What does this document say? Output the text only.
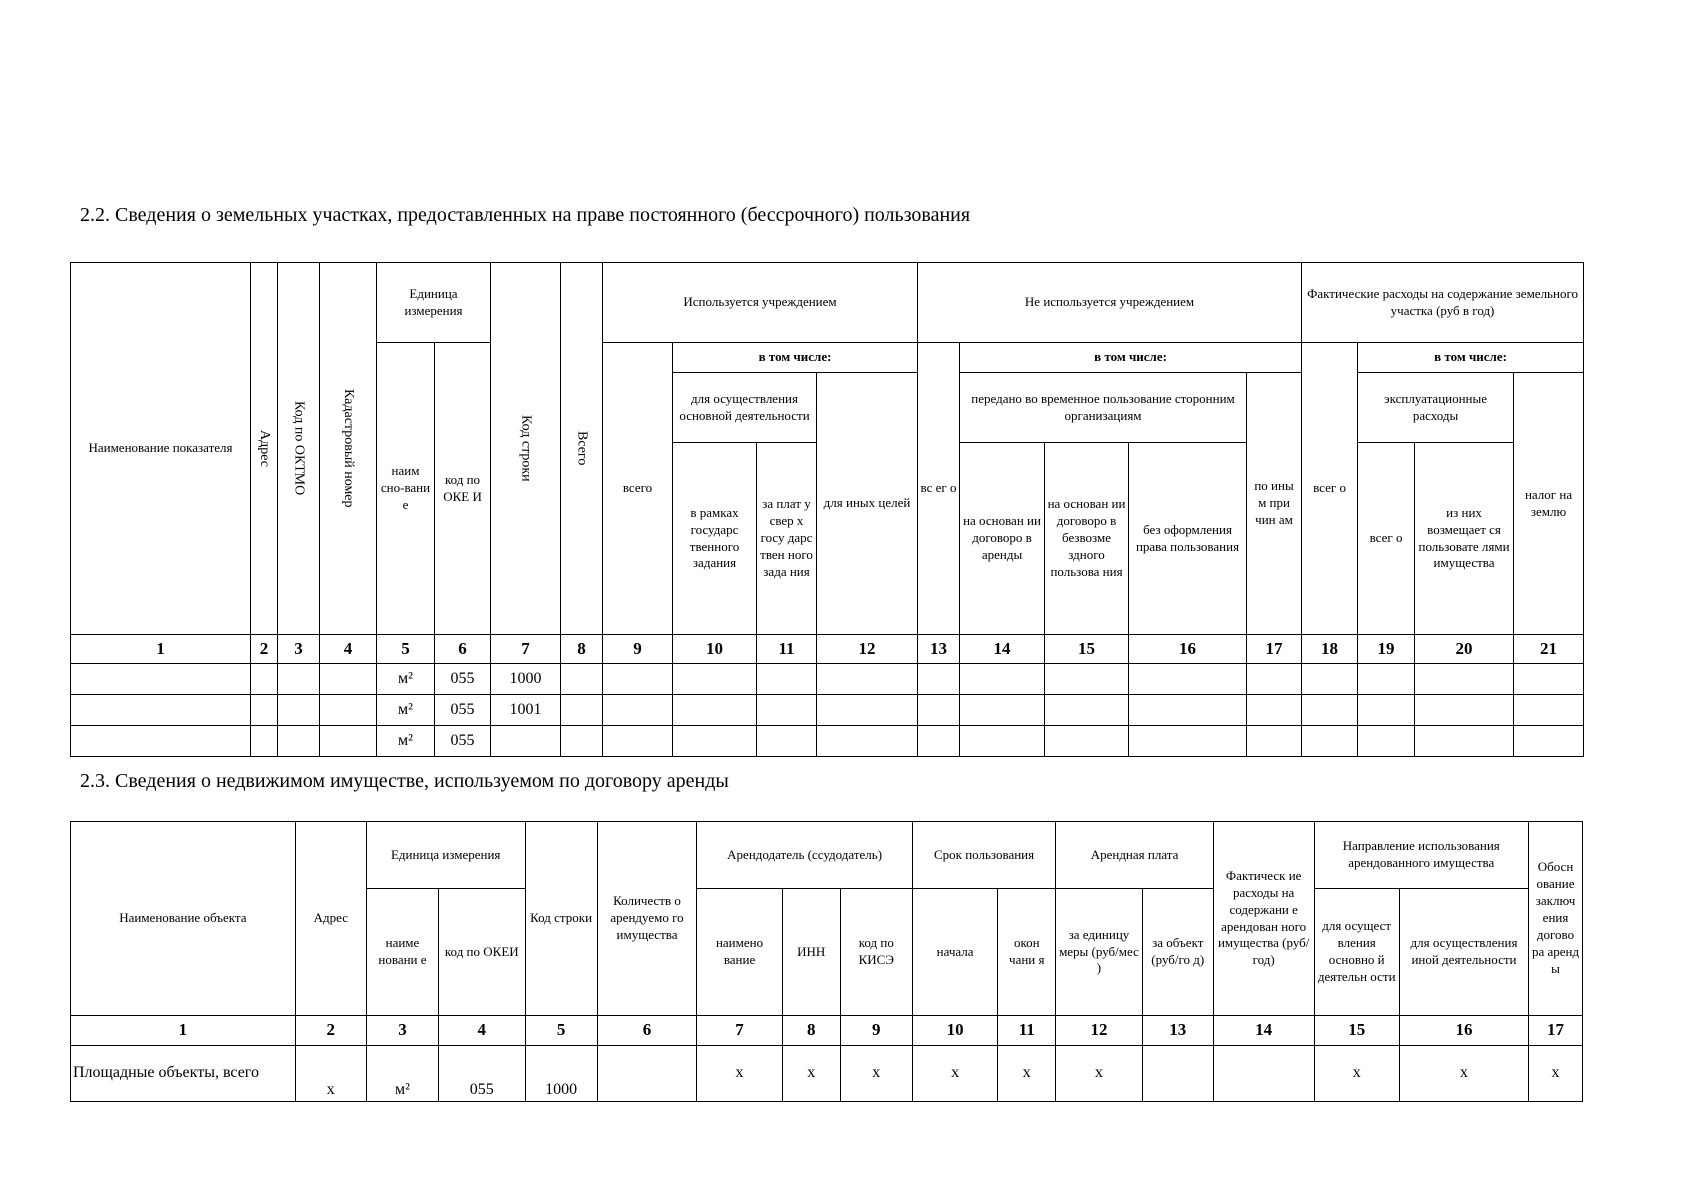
2.2. Сведения о земельных участках, предоставленных на праве постоянного (бессрочного) пользования
Наименование показателя	Адрес	Код по ОКТМО	Кадастровый номер	Единица измерения		Код строки	Всего	Используется учреждением				Не используется учреждением					Фактические расходы на содержание земельного участка (руб в год)			
				наим сно-вани е	код по ОКЕ И			всего	в том числе:			вс ег о	в том числе:				всег о	в том числе:		
									для осуществления основной деятельности		для иных целей		передано во временное пользование сторонним организациям			по ины м при чин ам		эксплуатационные расходы		налог на землю
									в рамках государс твенного задания	за плат у свер х госу дарс твен ного зада ния			на основан ии договоро в аренды	на основан ии договоро в безвозме здного пользова ния	без оформления права пользования			всег о	из них возмещает ся пользовате лями имущества	

1	2	3	4	5	6	7	8	9	10	11	12	13	14	15	16	17	18	19	20	21
				м²	055	1000														
				м²	055	1001														
				м²	055															
2.3. Сведения о недвижимом имуществе, используемом по договору аренды
Наименование объекта	Адрес	Единица измерения		Код строки	Количеств о арендуемо го имущества	Арендодатель (ссудодатель)			Срок пользования		Арендная плата		Фактическ ие расходы на содержани е арендован ного имущества (руб/год)	Направление использования арендованного имущества		Обосн ование заключ ения догово ра аренд ы
		наиме новани е	код по ОКЕИ			наимено вание	ИНН	код по КИСЭ	начала	окон чани я	за единицу меры (руб/мес )	за объект (руб/го д)		для осущест вления основно й деятельн ости	для осуществления иной деятельности	
1	2	3	4	5	6	7	8	9	10	11	12	13	14	15	16	17
Площадные объекты, всего	х	м²	055	1000		х	х	х	х	х	х			х	х	х
